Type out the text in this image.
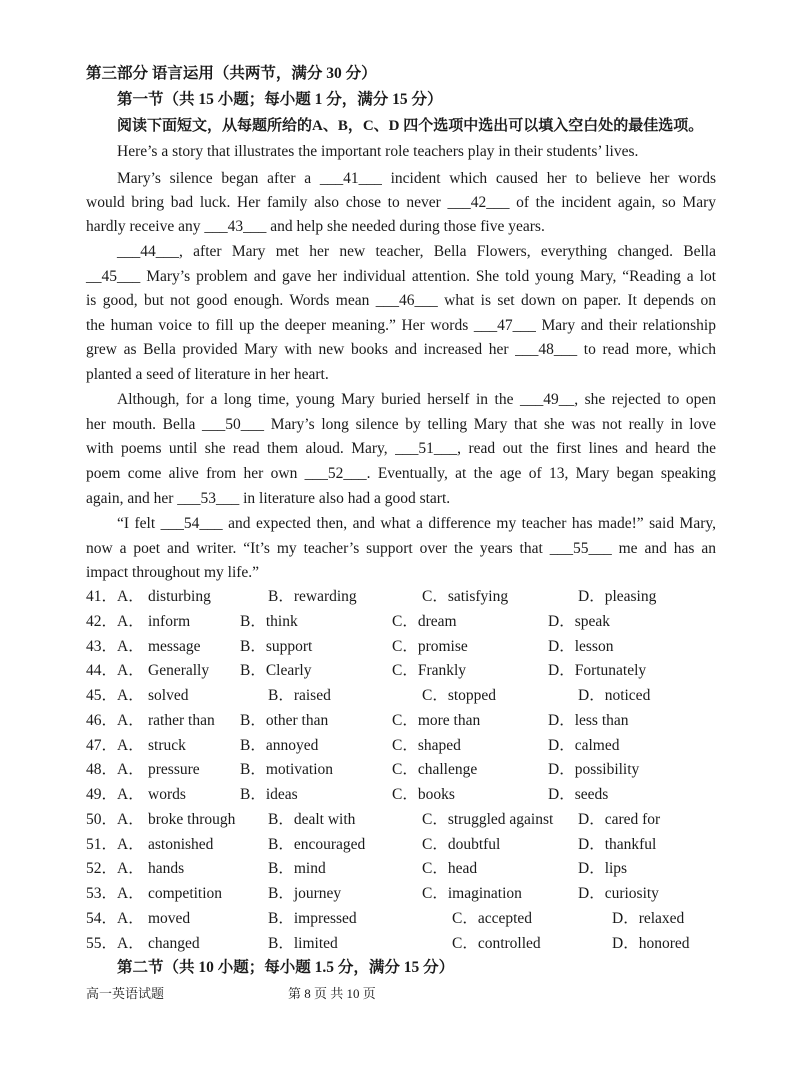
第三部分 语言运用（共两节，满分 30 分）
第一节（共 15 小题；每小题 1 分，满分 15 分）
阅读下面短文，从每题所给的A、B，C、D 四个选项中选出可以填入空白处的最佳选项。
Here’s a story that illustrates the important role teachers play in their students’ lives.
Mary’s silence began after a ___41___ incident which caused her to believe her words
would bring bad luck. Her family also chose to never ___42___ of the incident again, so Mary
hardly receive any ___43___ and help she needed during those five years.
___44___, after Mary met her new teacher, Bella Flowers, everything changed. Bella
__45___ Mary’s problem and gave her individual attention. She told young Mary, “Reading a lot
is good, but not good enough. Words mean ___46___ what is set down on paper. It depends on
the human voice to fill up the deeper meaning.” Her words ___47___ Mary and their relationship
grew as Bella provided Mary with new books and increased her ___48___ to read more, which
planted a seed of literature in her heart.
Although, for a long time, young Mary buried herself in the ___49__, she rejected to open
her mouth. Bella ___50___ Mary’s long silence by telling Mary that she was not really in love
with poems until she read them aloud. Mary, ___51___, read out the first lines and heard the
poem come alive from her own ___52___. Eventually, at the age of 13, Mary began speaking
again, and her ___53___ in literature also had a good start.
“I felt ___54___ and expected then, and what a difference my teacher has made!” said Mary,
now a poet and writer. “It’s my teacher’s support over the years that ___55___ me and has an
impact throughout my life.”
41．A． disturbing	B．rewarding	C．satisfying	D．pleasing
42．A． inform	B．think	C．dream	D．speak
43．A． message	B．support	C．promise	D．lesson
44．A． Generally B．Clearly	C．Frankly	D．Fortunately
45．A． solved	B．raised	C．stopped	D．noticed
46．A． rather than B．other than	C．more than	D．less than
47．A． struck	B．annoyed	C．shaped	D．calmed
48．A． pressure	B．motivation	C．challenge	D．possibility
49．A． words	B．ideas	C．books	D．seeds
50．A． broke through B．dealt with	C．struggled against D．cared for
51．A． astonished	B．encouraged	C．doubtful	D．thankful
52．A． hands	B．mind	C．head	D．lips
53．A． competition	B．journey	C．imagination	D．curiosity
54．A． moved	B．impressed	C．accepted	D．relaxed
55．A． changed	B．limited	C．controlled	D．honored
第二节（共 10 小题；每小题 1.5 分，满分 15 分）
高一英语试题	第 8 页 共 10 页
